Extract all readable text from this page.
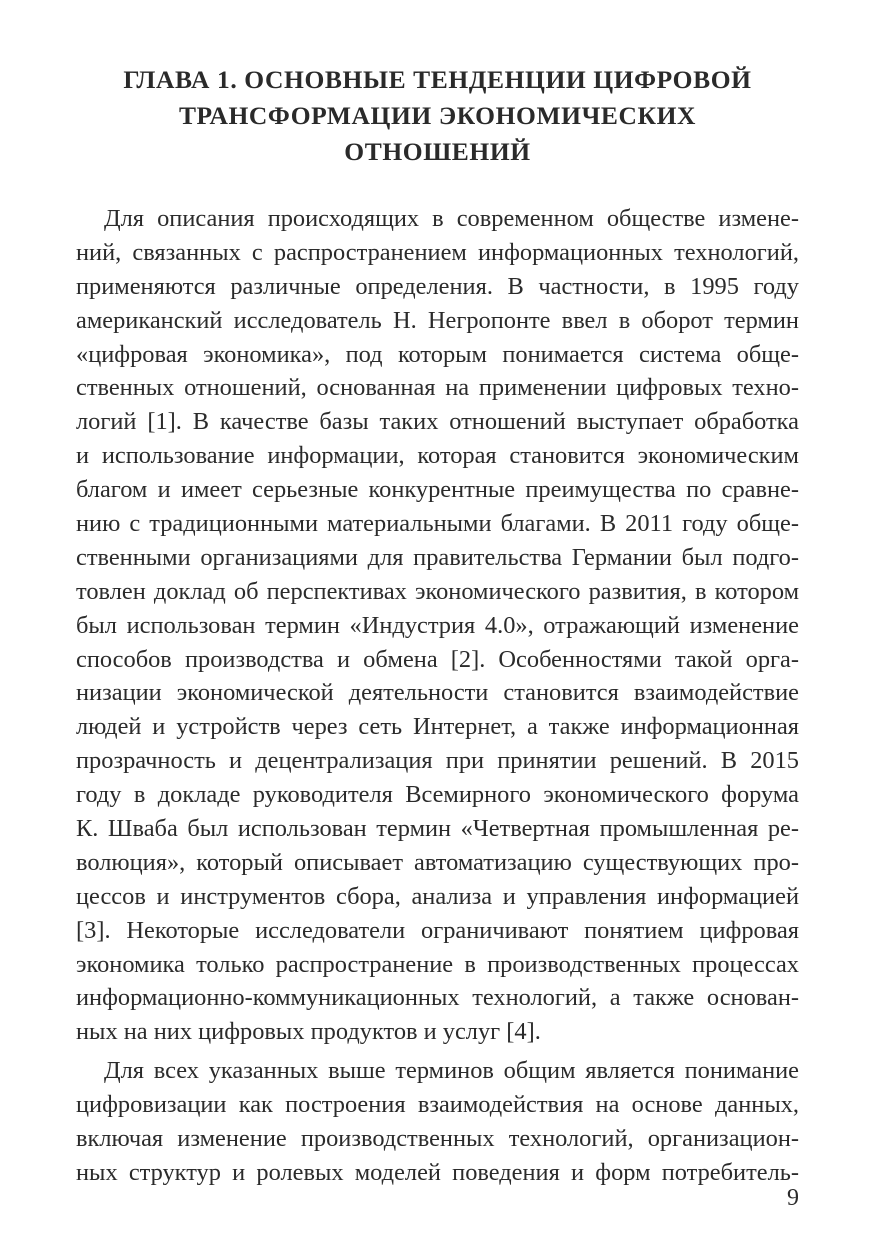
ГЛАВА 1. ОСНОВНЫЕ ТЕНДЕНЦИИ ЦИФРОВОЙ
ТРАНСФОРМАЦИИ ЭКОНОМИЧЕСКИХ
ОТНОШЕНИЙ
Для описания происходящих в современном обществе измене-
ний, связанных с распространением информационных технологий,
применяются различные определения. В частности, в 1995 году
американский исследователь Н. Негропонте ввел в оборот термин
«цифровая экономика», под которым понимается система обще-
ственных отношений, основанная на применении цифровых техно-
логий [1]. В качестве базы таких отношений выступает обработка
и использование информации, которая становится экономическим
благом и имеет серьезные конкурентные преимущества по сравне-
нию с традиционными материальными благами. В 2011 году обще-
ственными организациями для правительства Германии был подго-
товлен доклад об перспективах экономического развития, в котором
был использован термин «Индустрия 4.0», отражающий изменение
способов производства и обмена [2]. Особенностями такой орга-
низации экономической деятельности становится взаимодействие
людей и устройств через сеть Интернет, а также информационная
прозрачность и децентрализация при принятии решений. В 2015
году в докладе руководителя Всемирного экономического форума
К. Шваба был использован термин «Четвертная промышленная ре-
волюция», который описывает автоматизацию существующих про-
цессов и инструментов сбора, анализа и управления информацией
[3]. Некоторые исследователи ограничивают понятием цифровая
экономика только распространение в производственных процессах
информационно-коммуникационных технологий, а также основан-
ных на них цифровых продуктов и услуг [4].
Для всех указанных выше терминов общим является понимание
цифровизации как построения взаимодействия на основе данных,
включая изменение производственных технологий, организацион-
ных структур и ролевых моделей поведения и форм потребитель-
9
